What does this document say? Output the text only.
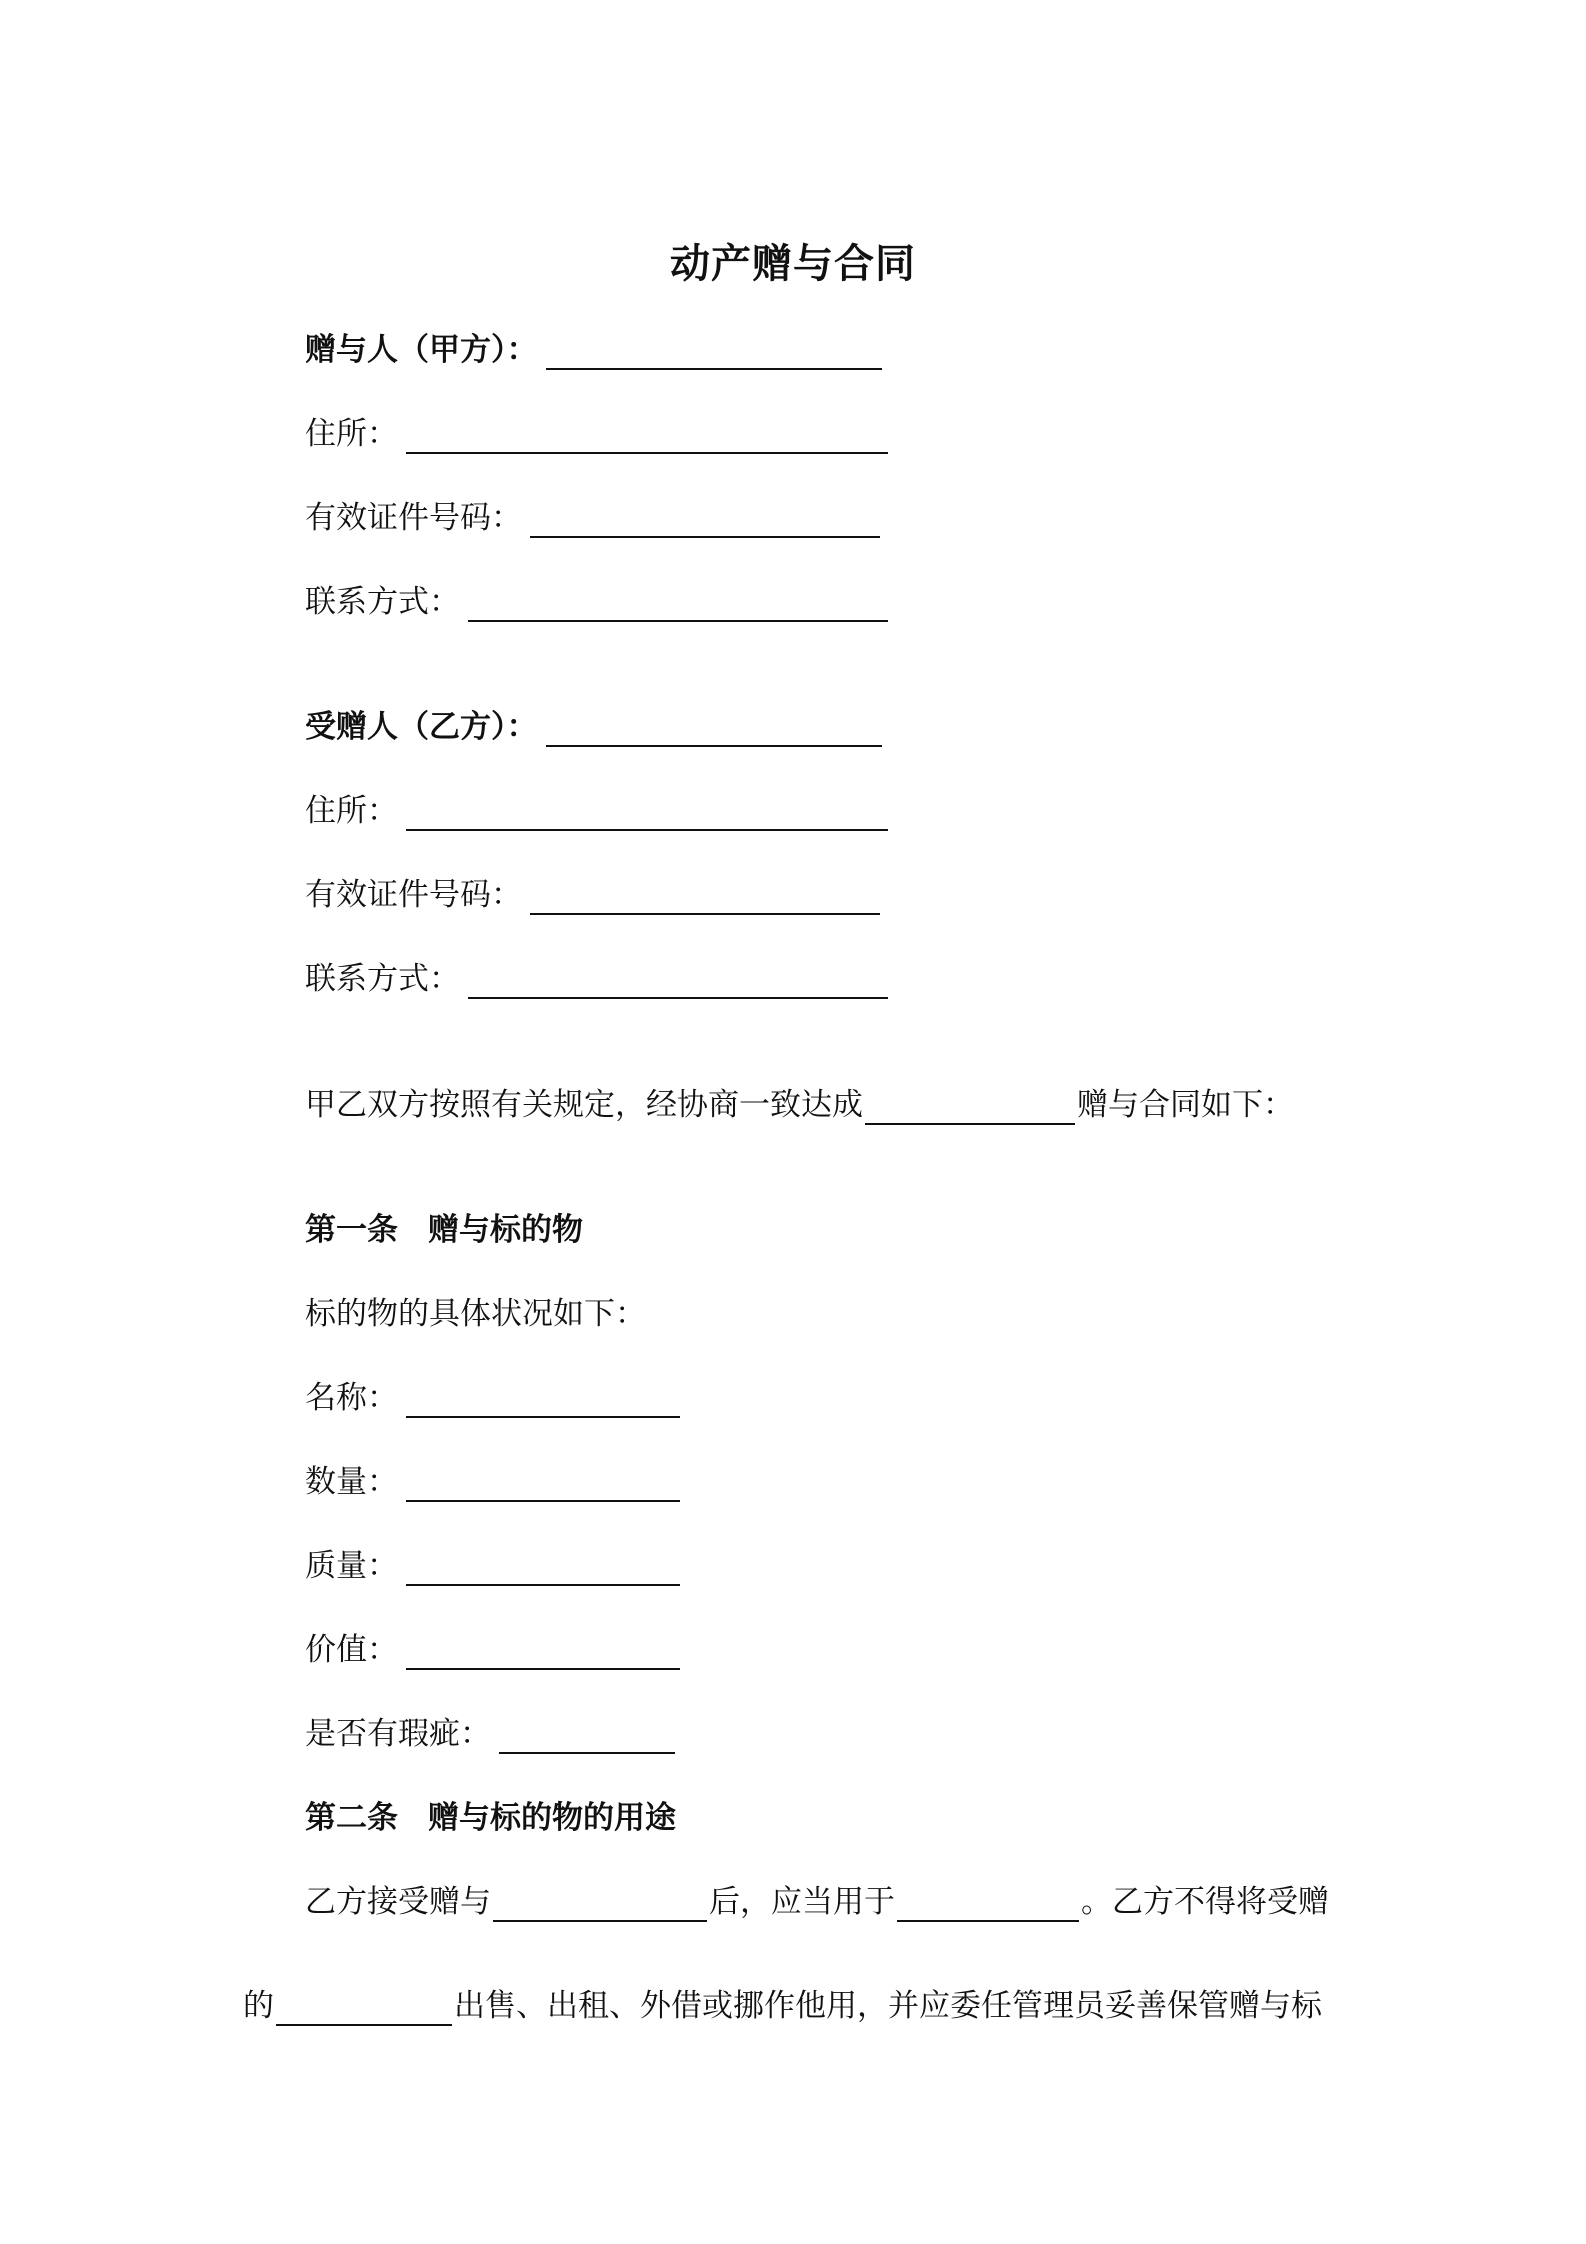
动产赠与合同
赠与人（甲方）：
住所：
有效证件号码：
联系方式：
受赠人（乙方）：
住所：
有效证件号码：
联系方式：
甲乙双方按照有关规定，经协商一致达成	赠与合同如下：
第一条 赠与标的物
标的物的具体状况如下：
名称：
数量：
质量：
价值：
是否有瑕疵：
第二条 赠与标的物的用途
乙方接受赠与	后，应当用于	。乙方不得将受赠
的	出售、出租、外借或挪作他用，并应委任管理员妥善保管赠与标
